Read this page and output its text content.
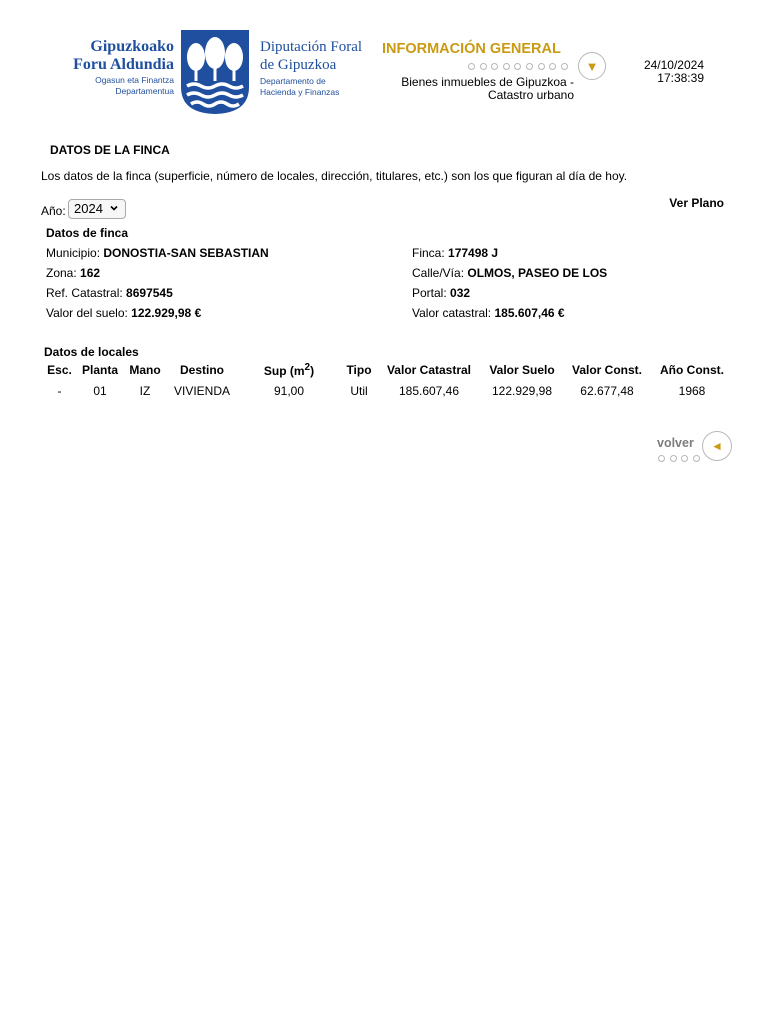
Gipuzkoako
Foru Aldundia
Ogasun eta Finantza
Departamentua
Diputación Foral
de Gipuzkoa
Departamento de
Hacienda y Finanzas
INFORMACIÓN GENERAL
▼
Bienes inmuebles de Gipuzkoa -
Catastro urbano
24/10/2024
17:38:39
DATOS DE LA FINCA
Los datos de la finca (superficie, número de locales, dirección, titulares, etc.) son los que figuran al día de hoy.
Ver Plano
Año: 2024
Datos de finca
Municipio: DONOSTIA-SAN SEBASTIAN
Zona: 162
Ref. Catastral: 8697545
Valor del suelo: 122.929,98 €
Finca: 177498 J
Calle/Vía: OLMOS, PASEO DE LOS
Portal: 032
Valor catastral: 185.607,46 €
Datos de locales
Esc.	Planta	Mano	Destino	Sup $(m^2)$	Tipo	Valor Catastral	Valor Suelo	Valor Const.	Año Const.
-	01	IZ	VIVIENDA	91,00	Util	185.607,46	122.929,98	62.677,48	1968
volver ◄
